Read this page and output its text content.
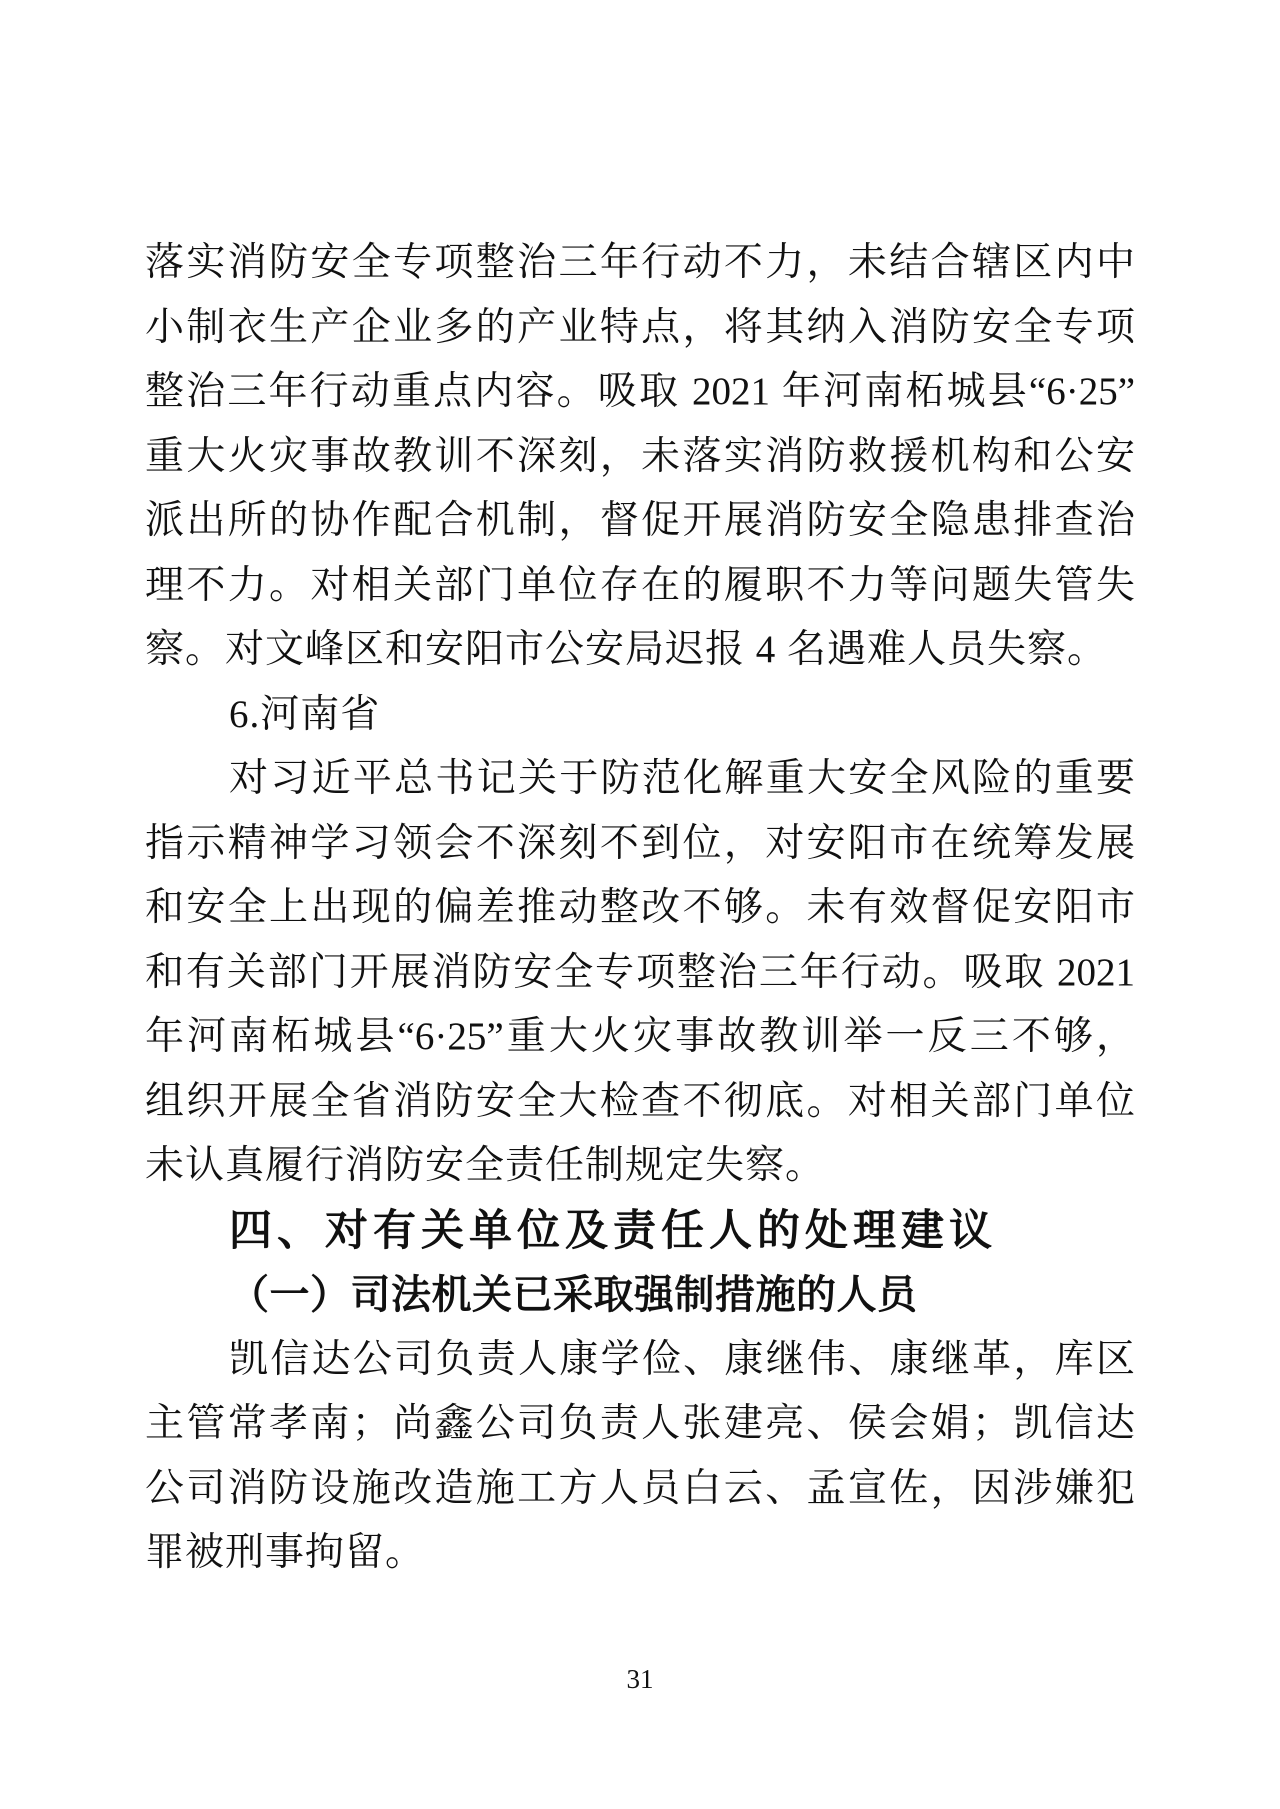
落实消防安全专项整治三年行动不力，未结合辖区内中
小制衣生产企业多的产业特点，将其纳入消防安全专项
整治三年行动重点内容。吸取 2021 年河南柘城县“6·25”
重大火灾事故教训不深刻，未落实消防救援机构和公安
派出所的协作配合机制，督促开展消防安全隐患排查治
理不力。对相关部门单位存在的履职不力等问题失管失
察。对文峰区和安阳市公安局迟报 4 名遇难人员失察。
6.河南省
对习近平总书记关于防范化解重大安全风险的重要
指示精神学习领会不深刻不到位，对安阳市在统筹发展
和安全上出现的偏差推动整改不够。未有效督促安阳市
和有关部门开展消防安全专项整治三年行动。吸取 2021
年河南柘城县“6·25”重大火灾事故教训举一反三不够，
组织开展全省消防安全大检查不彻底。对相关部门单位
未认真履行消防安全责任制规定失察。
四、对有关单位及责任人的处理建议
（一）司法机关已采取强制措施的人员
凯信达公司负责人康学俭、康继伟、康继革，库区
主管常孝南；尚鑫公司负责人张建亮、侯会娟；凯信达
公司消防设施改造施工方人员白云、孟宣佐，因涉嫌犯
罪被刑事拘留。
31
